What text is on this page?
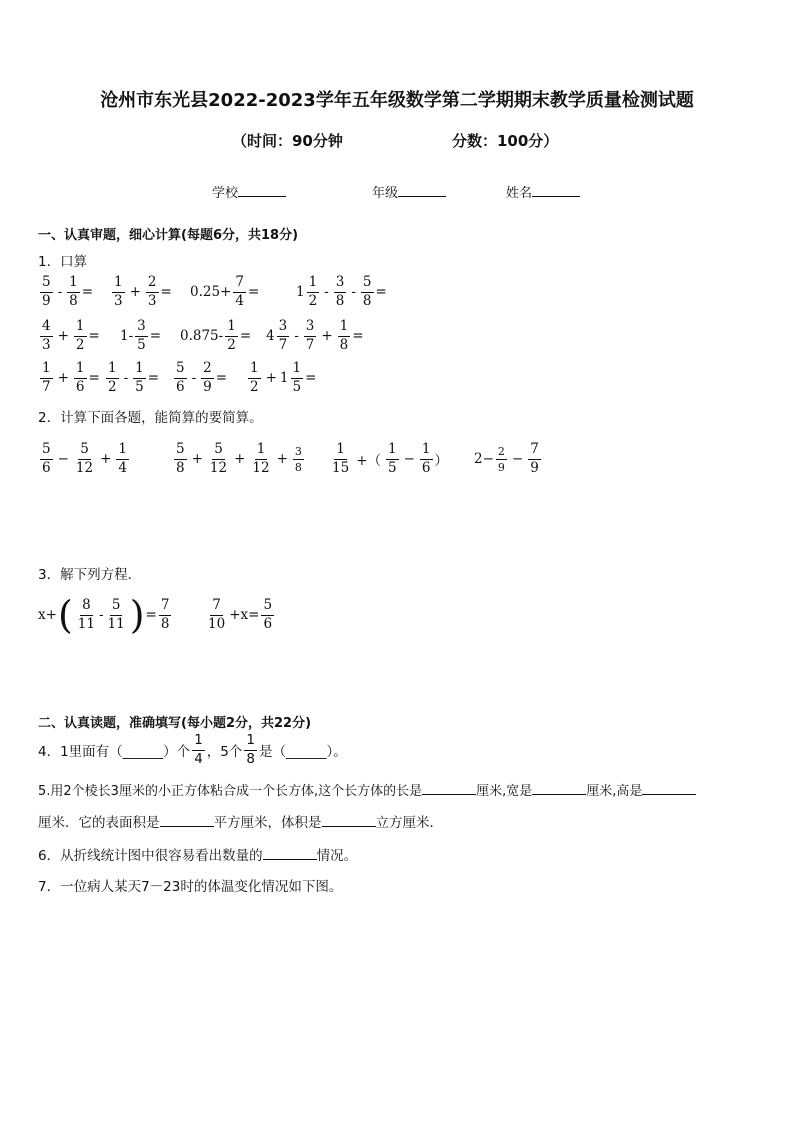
沧州市东光县2022-2023学年五年级数学第二学期期末教学质量检测试题
（时间：90分钟	分数：100分）
学校	年级	姓名
一、认真审题，细心计算(每题6分，共18分)
1．口算
$\frac{5}{9} - \frac{1}{8} = \frac{1}{3} + \frac{2}{3} = 0.25+ \frac{7}{4}$ =	$1 \frac{1}{2} - \frac{3}{8} - \frac{5}{8}$ =
$\frac{4}{3} + \frac{1}{2} = 1- \frac{3}{5} = 0.875- \frac{1}{2} = 4 \frac{3}{7} - \frac{3}{7} + \frac{1}{8}$ =
$\frac{1}{7} + \frac{1}{6} = \frac{1}{2} - \frac{1}{5} = \frac{5}{6} - \frac{2}{9} = \frac{1}{2} + 1 \frac{1}{5}$ =
2．计算下面各题，能简算的要简算。
$\frac{5}{6} - \frac{5}{12} + \frac{1}{4}$	$\frac{5}{8} + \frac{5}{12} + \frac{1}{12} + \frac{3}{8} \frac{1}{15}$ +（ $\frac{1}{5} - \frac{1}{6}$ ） $2- \frac{2}{9} - \frac{7}{9}$
3．解下列方程．
x+ ( $\frac{8}{11} - \frac{5}{11}$ ) = $\frac{7}{8}$	$\frac{7}{10} +x= \frac{5}{6}$
二、认真读题，准确填写(每小题2分，共22分)
4．1里面有（______）个 $\frac{1}{4}$ ，5个 $\frac{1}{8}$ 是（______）。
5.用2个棱长3厘米的小正方体粘合成一个长方体,这个长方体的长是	厘米,宽是	厘米,高是
厘米．它的表面积是	平方厘米，体积是	立方厘米．
6．从折线统计图中很容易看出数量的	情况。
7．一位病人某天7－23时的体温变化情况如下图。
